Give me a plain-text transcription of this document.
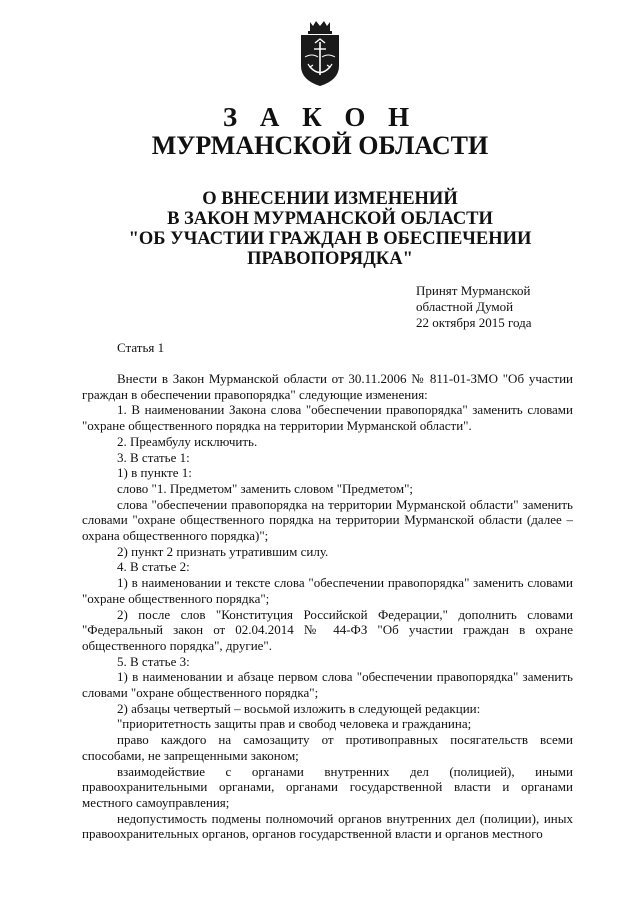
З А К О Н
МУРМАНСКОЙ ОБЛАСТИ
О ВНЕСЕНИИ ИЗМЕНЕНИЙ
В ЗАКОН МУРМАНСКОЙ ОБЛАСТИ
"ОБ УЧАСТИИ ГРАЖДАН В ОБЕСПЕЧЕНИИ
ПРАВОПОРЯДКА"
Принят Мурманской
областной Думой
22 октября 2015 года
Статья 1

Внести в Закон Мурманской области от 30.11.2006 № 811-01-ЗМО "Об участии граждан в обеспечении правопорядка" следующие изменения:

1. В наименовании Закона слова "обеспечении правопорядка" заменить словами "охране общественного порядка на территории Мурманской области".

2. Преамбулу исключить.

3. В статье 1:

1) в пункте 1:

слово "1. Предметом" заменить словом "Предметом";

слова "обеспечении правопорядка на территории Мурманской области" заменить словами "охране общественного порядка на территории Мурманской области (далее – охрана общественного порядка)";

2) пункт 2 признать утратившим силу.

4. В статье 2:

1) в наименовании и тексте слова "обеспечении правопорядка" заменить словами "охране общественного порядка";

2) после слов "Конституция Российской Федерации," дополнить словами "Федеральный закон от 02.04.2014 № 44-ФЗ "Об участии граждан в охране общественного порядка", другие".

5. В статье 3:

1) в наименовании и абзаце первом слова "обеспечении правопорядка" заменить словами "охране общественного порядка";

2) абзацы четвертый – восьмой изложить в следующей редакции:

"приоритетность защиты прав и свобод человека и гражданина;

право каждого на самозащиту от противоправных посягательств всеми способами, не запрещенными законом;

взаимодействие с органами внутренних дел (полицией), иными правоохранительными органами, органами государственной власти и органами местного самоуправления;

недопустимость подмены полномочий органов внутренних дел (полиции), иных правоохранительных органов, органов государственной власти и органов местного
